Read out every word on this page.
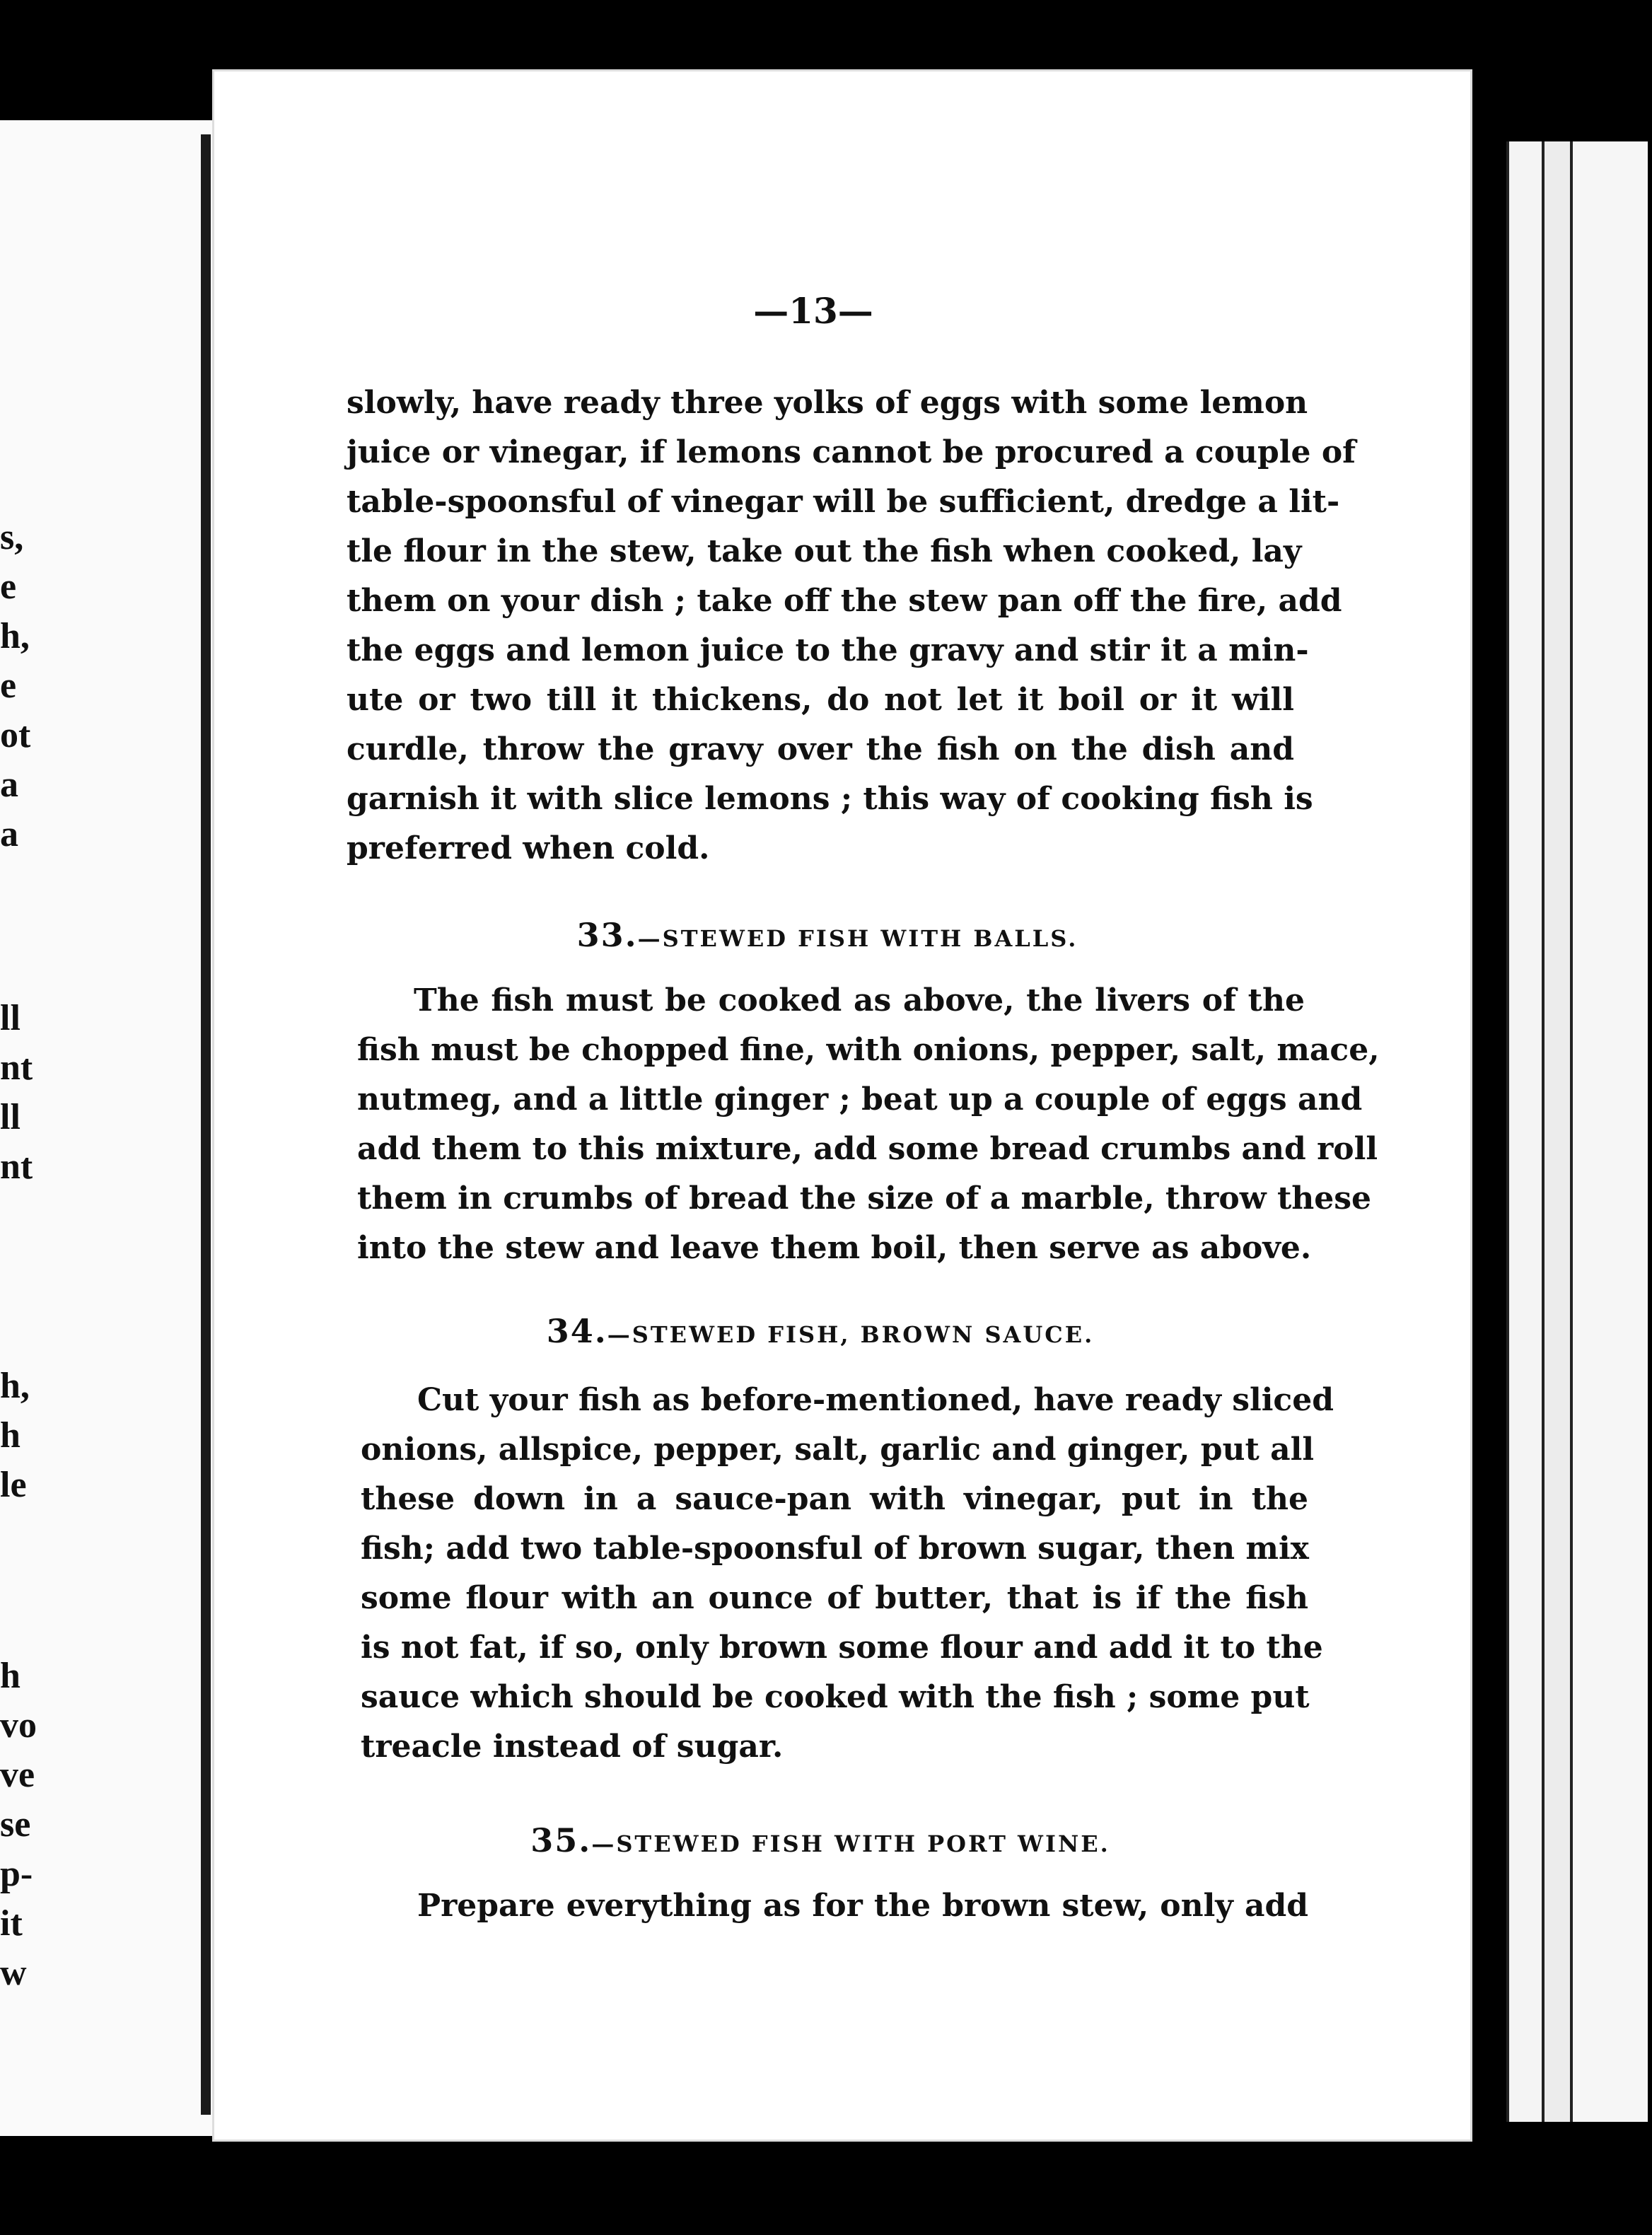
s,
e
h,
e
ot
a
a
ll
nt
ll
nt
h,
h
le
h
vo
ve
se
p-
it
w
—13—
slowly, have ready three yolks of eggs with some lemon
juice or vinegar, if lemons cannot be procured a couple of
table-spoonsful of vinegar will be sufficient, dredge a lit-
tle flour in the stew, take out the fish when cooked, lay
them on your dish ; take off the stew pan off the fire, add
the eggs and lemon juice to the gravy and stir it a min-
ute or two till it thickens, do not let it boil or it will
curdle, throw the gravy over the fish on the dish and
garnish it with slice lemons ; this way of cooking fish is
preferred when cold.
33.—STEWED FISH WITH BALLS.
The fish must be cooked as above, the livers of the
fish must be chopped fine, with onions, pepper, salt, mace,
nutmeg, and a little ginger ; beat up a couple of eggs and
add them to this mixture, add some bread crumbs and roll
them in crumbs of bread the size of a marble, throw these
into the stew and leave them boil, then serve as above.
34.—STEWED FISH, BROWN SAUCE.
Cut your fish as before-mentioned, have ready sliced
onions, allspice, pepper, salt, garlic and ginger, put all
these down in a sauce-pan with vinegar, put in the
fish; add two table-spoonsful of brown sugar, then mix
some flour with an ounce of butter, that is if the fish
is not fat, if so, only brown some flour and add it to the
sauce which should be cooked with the fish ; some put
treacle instead of sugar.
35.—STEWED FISH WITH PORT WINE.
Prepare everything as for the brown stew, only add
